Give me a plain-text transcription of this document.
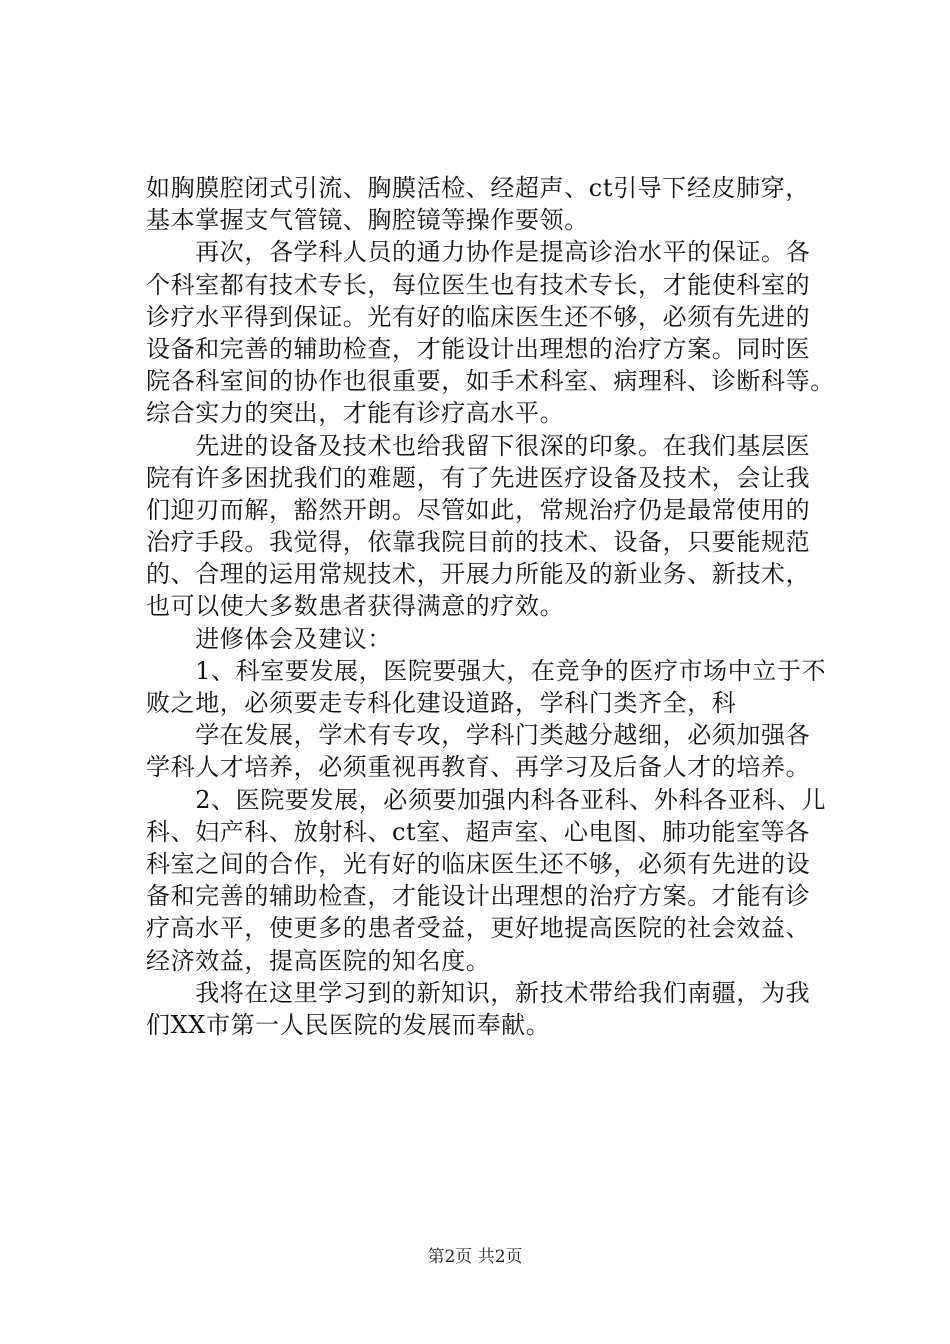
如胸膜腔闭式引流、胸膜活检、经超声、ct引导下经皮肺穿，
基本掌握支气管镜、胸腔镜等操作要领。
　　再次，各学科人员的通力协作是提高诊治水平的保证。各
个科室都有技术专长，每位医生也有技术专长，才能使科室的
诊疗水平得到保证。光有好的临床医生还不够，必须有先进的
设备和完善的辅助检查，才能设计出理想的治疗方案。同时医
院各科室间的协作也很重要，如手术科室、病理科、诊断科等。
综合实力的突出，才能有诊疗高水平。
　　先进的设备及技术也给我留下很深的印象。在我们基层医
院有许多困扰我们的难题，有了先进医疗设备及技术，会让我
们迎刃而解，豁然开朗。尽管如此，常规治疗仍是最常使用的
治疗手段。我觉得，依靠我院目前的技术、设备，只要能规范
的、合理的运用常规技术，开展力所能及的新业务、新技术，
也可以使大多数患者获得满意的疗效。
　　进修体会及建议：
　　1、科室要发展，医院要强大，在竞争的医疗市场中立于不
败之地，必须要走专科化建设道路，学科门类齐全，科
　　学在发展，学术有专攻，学科门类越分越细，必须加强各
学科人才培养，必须重视再教育、再学习及后备人才的培养。
　　2、医院要发展，必须要加强内科各亚科、外科各亚科、儿
科、妇产科、放射科、ct室、超声室、心电图、肺功能室等各
科室之间的合作，光有好的临床医生还不够，必须有先进的设
备和完善的辅助检查，才能设计出理想的治疗方案。才能有诊
疗高水平，使更多的患者受益，更好地提高医院的社会效益、
经济效益，提高医院的知名度。
　　我将在这里学习到的新知识，新技术带给我们南疆，为我
们XX市第一人民医院的发展而奉献。
第2页 共2页
